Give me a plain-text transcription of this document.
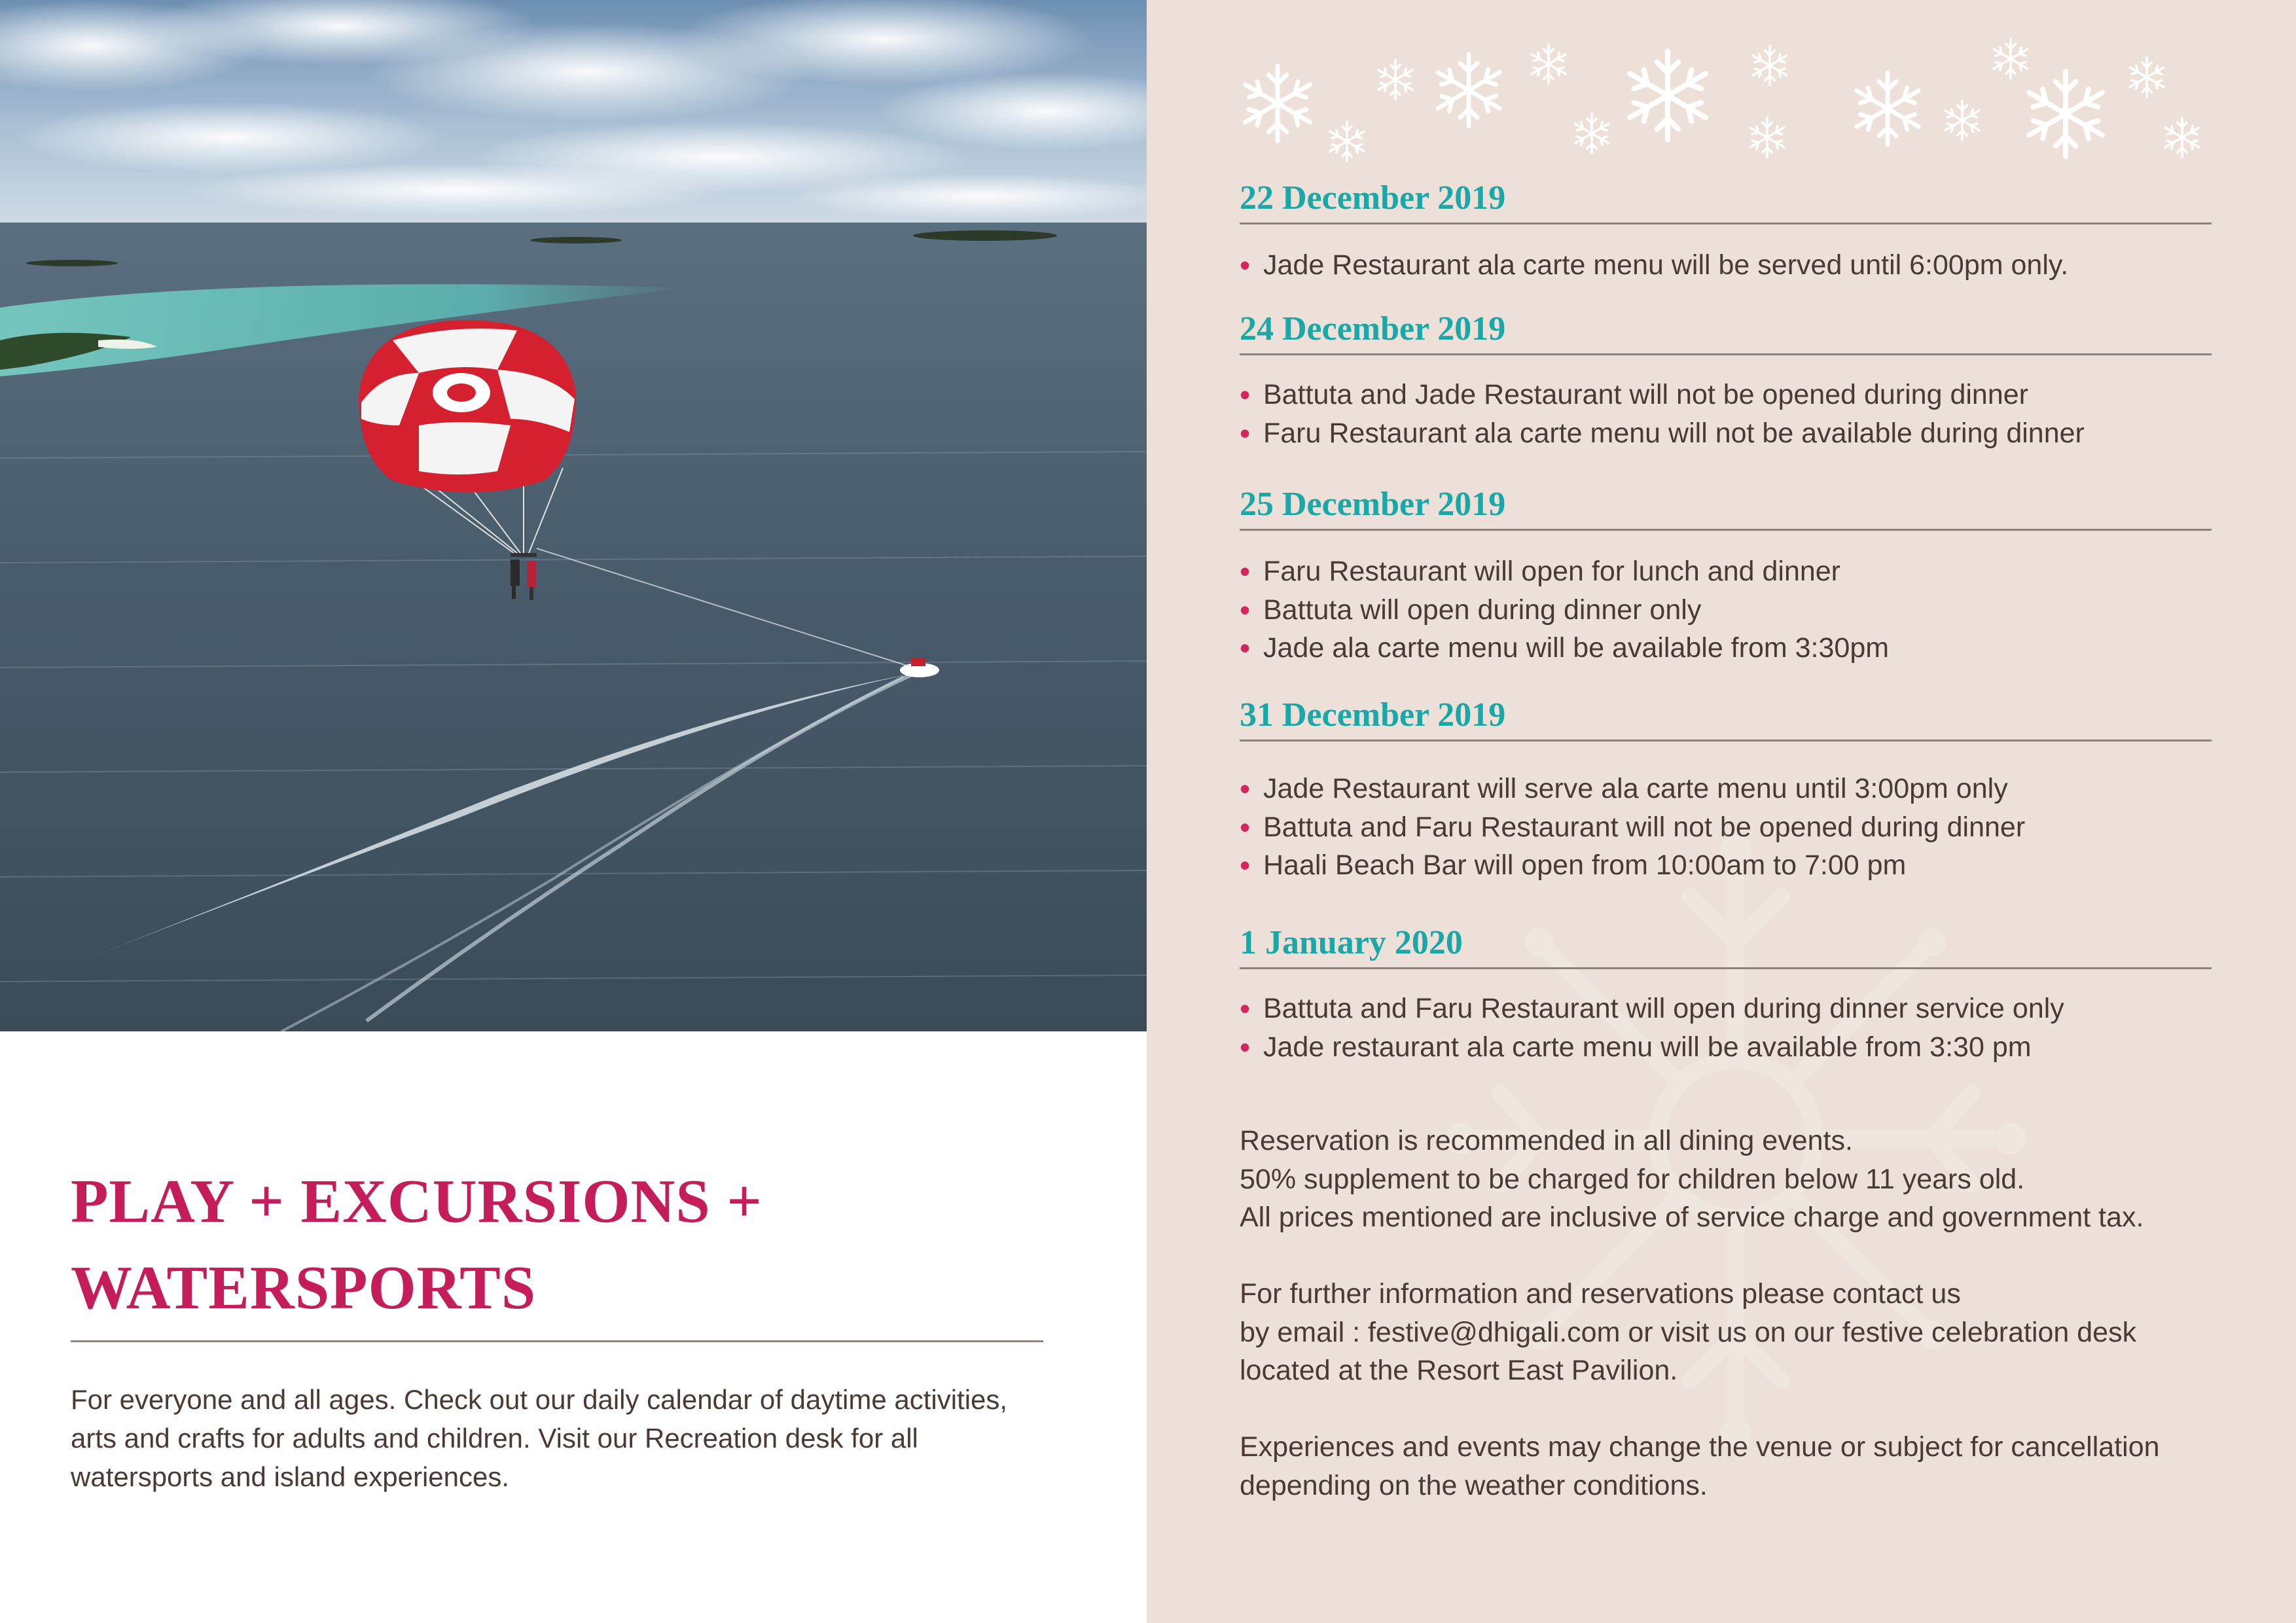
PLAY + EXCURSIONS +
WATERSPORTS

For everyone and all ages. Check out our daily calendar of daytime activities, arts and crafts for adults and children. Visit our Recreation desk for all watersports and island experiences.

22 December 2019
• Jade Restaurant ala carte menu will be served until 6:00pm only.
24 December 2019
• Battuta and Jade Restaurant will not be opened during dinner
• Faru Restaurant ala carte menu will not be available during dinner
25 December 2019
• Faru Restaurant will open for lunch and dinner
• Battuta will open during dinner only
• Jade ala carte menu will be available from 3:30pm
31 December 2019
• Jade Restaurant will serve ala carte menu until 3:00pm only
• Battuta and Faru Restaurant will not be opened during dinner
• Haali Beach Bar will open from 10:00am to 7:00 pm
1 January 2020
• Battuta and Faru Restaurant will open during dinner service only
• Jade restaurant ala carte menu will be available from 3:30 pm
Reservation is recommended in all dining events.
50% supplement to be charged for children below 11 years old.
All prices mentioned are inclusive of service charge and government tax.
For further information and reservations please contact us
by email : festive@dhigali.com or visit us on our festive celebration desk
located at the Resort East Pavilion.
Experiences and events may change the venue or subject for cancellation
depending on the weather conditions.
